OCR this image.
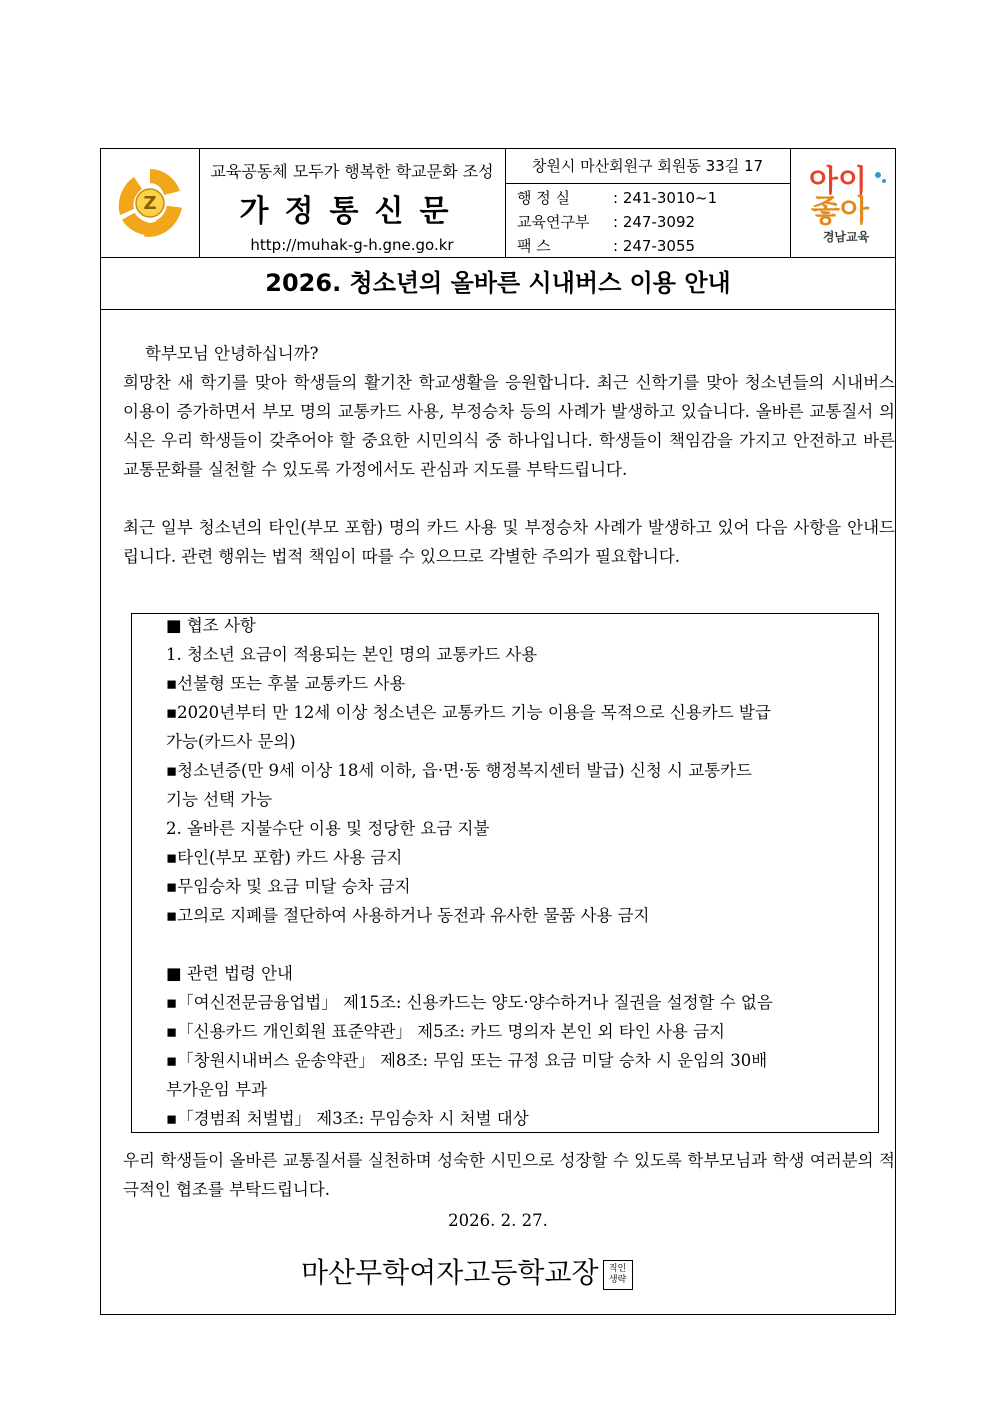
Z
교육공동체 모두가 행복한 학교문화 조성
가정통신문
http://muhak-g-h.gne.go.kr
창원시 마산회원구 회원동 33길 17
행 정 실	: 241-3010~1
교육연구부 : 247-3092
팩 스	: 247-3055
아이
좋아
경남교육
2026. 청소년의 올바른 시내버스 이용 안내
학부모님 안녕하십니까?
희망찬 새 학기를 맞아 학생들의 활기찬 학교생활을 응원합니다. 최근 신학기를 맞아 청소년들의 시내버스 이용이 증가하면서 부모 명의 교통카드 사용, 부정승차 등의 사례가 발생하고 있습니다. 올바른 교통질서 의식은 우리 학생들이 갖추어야 할 중요한 시민의식 중 하나입니다. 학생들이 책임감을 가지고 안전하고 바른 교통문화를 실천할 수 있도록 가정에서도 관심과 지도를 부탁드립니다.
최근 일부 청소년의 타인(부모 포함) 명의 카드 사용 및 부정승차 사례가 발생하고 있어 다음 사항을 안내드립니다. 관련 행위는 법적 책임이 따를 수 있으므로 각별한 주의가 필요합니다.
■ 협조 사항
1. 청소년 요금이 적용되는 본인 명의 교통카드 사용
▪선불형 또는 후불 교통카드 사용
▪2020년부터 만 12세 이상 청소년은 교통카드 기능 이용을 목적으로 신용카드 발급
가능(카드사 문의)
▪청소년증(만 9세 이상 18세 이하, 읍·면·동 행정복지센터 발급) 신청 시 교통카드
기능 선택 가능
2. 올바른 지불수단 이용 및 정당한 요금 지불
▪타인(부모 포함) 카드 사용 금지
▪무임승차 및 요금 미달 승차 금지
▪고의로 지폐를 절단하여 사용하거나 동전과 유사한 물품 사용 금지
■ 관련 법령 안내
▪「여신전문금융업법」 제15조: 신용카드는 양도·양수하거나 질권을 설정할 수 없음
▪「신용카드 개인회원 표준약관」 제5조: 카드 명의자 본인 외 타인 사용 금지
▪「창원시내버스 운송약관」 제8조: 무임 또는 규정 요금 미달 승차 시 운임의 30배
부가운임 부과
▪「경범죄 처벌법」 제3조: 무임승차 시 처벌 대상
우리 학생들이 올바른 교통질서를 실천하며 성숙한 시민으로 성장할 수 있도록 학부모님과 학생 여러분의 적극적인 협조를 부탁드립니다.
2026. 2. 27.
마산무학여자고등학교장 직인
생략
